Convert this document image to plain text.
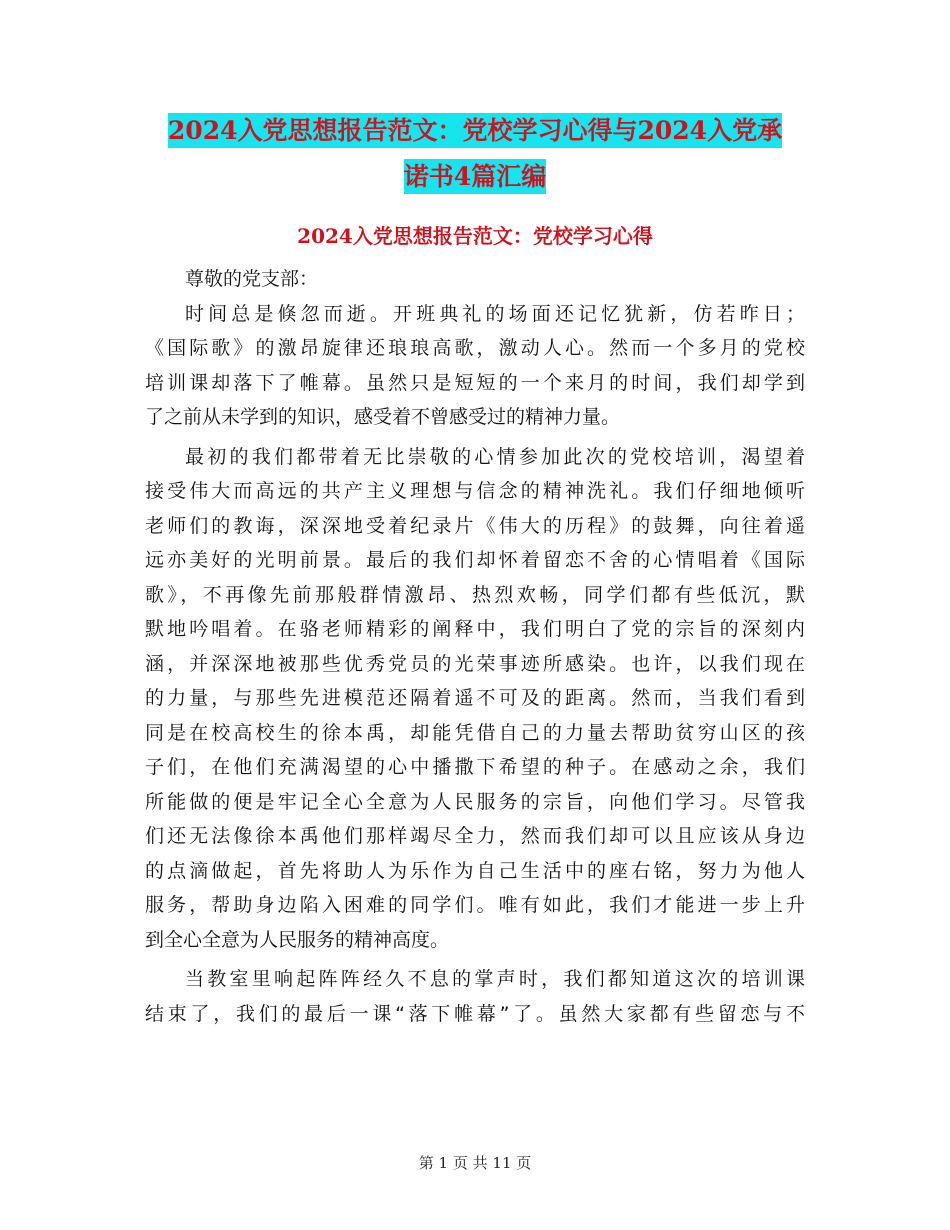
2024入党思想报告范文：党校学习心得与2024入党承
诺书4篇汇编
2024入党思想报告范文：党校学习心得
尊敬的党支部：
时间总是倏忽而逝。开班典礼的场面还记忆犹新，仿若昨日；
《国际歌》的激昂旋律还琅琅高歌，激动人心。然而一个多月的党校
培训课却落下了帷幕。虽然只是短短的一个来月的时间，我们却学到
了之前从未学到的知识，感受着不曾感受过的精神力量。
最初的我们都带着无比崇敬的心情参加此次的党校培训，渴望着
接受伟大而高远的共产主义理想与信念的精神洗礼。我们仔细地倾听
老师们的教诲，深深地受着纪录片《伟大的历程》的鼓舞，向往着遥
远亦美好的光明前景。最后的我们却怀着留恋不舍的心情唱着《国际
歌》，不再像先前那般群情激昂、热烈欢畅，同学们都有些低沉，默
默地吟唱着。在骆老师精彩的阐释中，我们明白了党的宗旨的深刻内
涵，并深深地被那些优秀党员的光荣事迹所感染。也许，以我们现在
的力量，与那些先进模范还隔着遥不可及的距离。然而，当我们看到
同是在校高校生的徐本禹，却能凭借自己的力量去帮助贫穷山区的孩
子们，在他们充满渴望的心中播撒下希望的种子。在感动之余，我们
所能做的便是牢记全心全意为人民服务的宗旨，向他们学习。尽管我
们还无法像徐本禹他们那样竭尽全力，然而我们却可以且应该从身边
的点滴做起，首先将助人为乐作为自己生活中的座右铭，努力为他人
服务，帮助身边陷入困难的同学们。唯有如此，我们才能进一步上升
到全心全意为人民服务的精神高度。
当教室里响起阵阵经久不息的掌声时，我们都知道这次的培训课
结束了，我们的最后一课“落下帷幕”了。虽然大家都有些留恋与不
第 1 页 共 11 页
